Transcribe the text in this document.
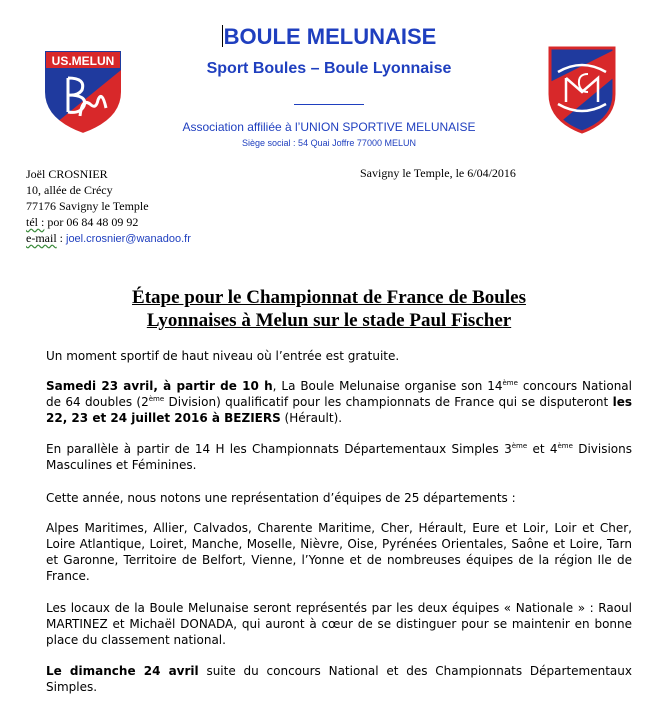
BOULE MELUNAISE
Sport Boules – Boule Lyonnaise
Association affiliée à l’UNION SPORTIVE MELUNAISE
Siège social : 54 Quai Joffre 77000 MELUN
US.MELUN
Joël CROSNIER
10, allée de Crécy
77176 Savigny le Temple
tél : por 06 84 48 09 92
e-mail : joel.crosnier@wanadoo.fr
Savigny le Temple, le 6/04/2016
Étape pour le Championnat de France de Boules
Lyonnaises à Melun sur le stade Paul Fischer
Un moment sportif de haut niveau où l’entrée est gratuite.
Samedi 23 avril, à partir de 10 h, La Boule Melunaise organise son 14ème concours National de 64 doubles (2ème Division) qualificatif pour les championnats de France qui se disputeront les 22, 23 et 24 juillet 2016 à BEZIERS (Hérault).
En parallèle à partir de 14 H les Championnats Départementaux Simples 3ème et 4ème Divisions Masculines et Féminines.
Cette année, nous notons une représentation d’équipes de 25 départements :
Alpes Maritimes, Allier, Calvados, Charente Maritime, Cher, Hérault, Eure et Loir, Loir et Cher, Loire Atlantique, Loiret, Manche, Moselle, Nièvre, Oise, Pyrénées Orientales, Saône et Loire, Tarn et Garonne, Territoire de Belfort, Vienne, l’Yonne et de nombreuses équipes de la région Ile de France.
Les locaux de la Boule Melunaise seront représentés par les deux équipes « Nationale » : Raoul MARTINEZ et Michaël DONADA, qui auront à cœur de se distinguer pour se maintenir en bonne place du classement national.
Le dimanche 24 avril suite du concours National et des Championnats Départementaux Simples.
